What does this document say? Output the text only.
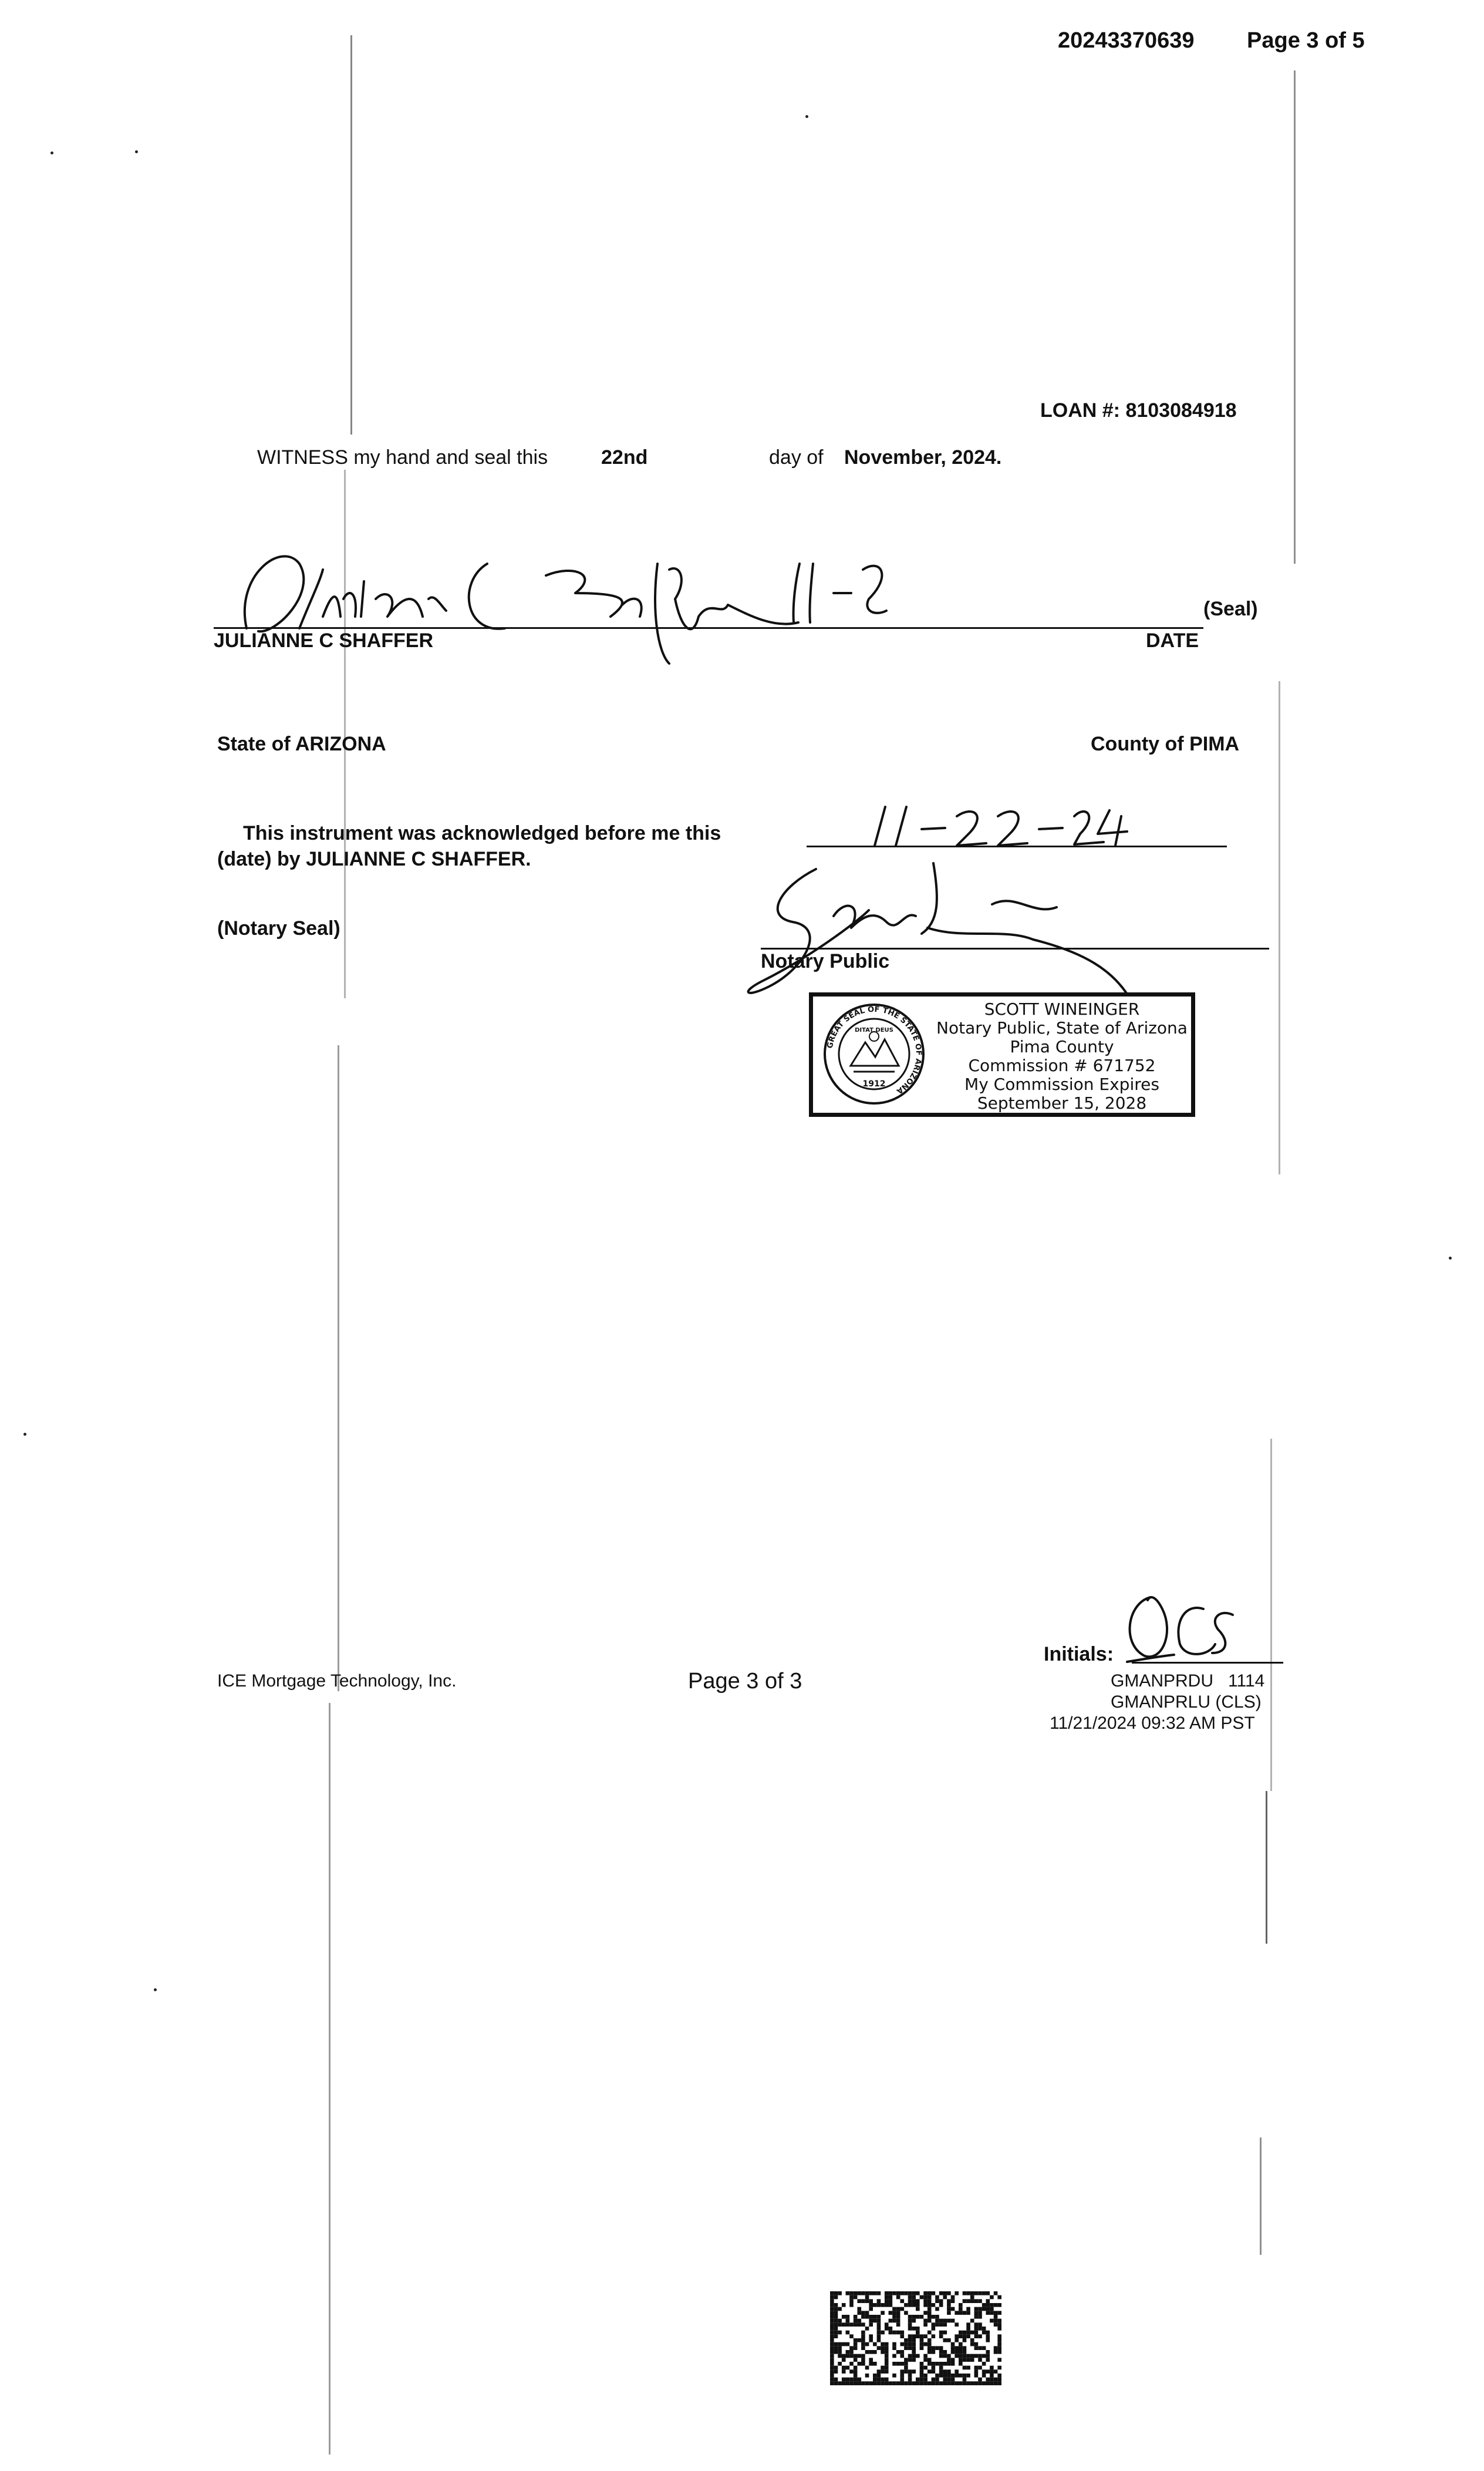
20243370639 Page 3 of 5
LOAN #: 8103084918
WITNESS my hand and seal this	22nd	day of November, 2024.
(Seal)
JULIANNE C SHAFFER	DATE
State of ARIZONA	County of PIMA
This instrument was acknowledged before me this
(date) by JULIANNE C SHAFFER.
(Notary Seal)
Notary Public
GREAT SEAL OF THE STATE OF ARIZONA
DITAT DEUS
1912
SCOTT WINEINGER
Notary Public, State of Arizona
Pima County
Commission # 671752
My Commission Expires
September 15, 2028
ICE Mortgage Technology, Inc.	Page 3 of 3
Initials:
GMANPRDU 1114
GMANPRLU (CLS)
11/21/2024 09:32 AM PST
